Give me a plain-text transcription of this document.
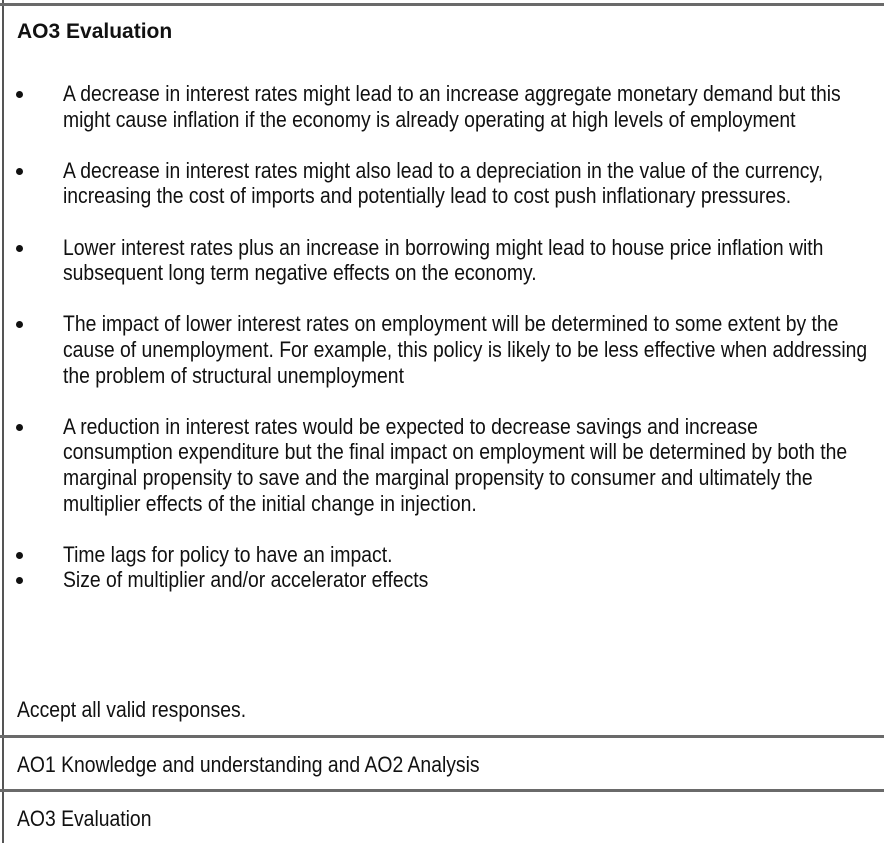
AO3 Evaluation
A decrease in interest rates might lead to an increase aggregate monetary demand but this might cause inflation if the economy is already operating at high levels of employment
A decrease in interest rates might also lead to a depreciation in the value of the currency, increasing the cost of imports and potentially lead to cost push inflationary pressures.
Lower interest rates plus an increase in borrowing might lead to house price inflation with subsequent long term negative effects on the economy.
The impact of lower interest rates on employment will be determined to some extent by the cause of unemployment. For example, this policy is likely to be less effective when addressing the problem of structural unemployment
A reduction in interest rates would be expected to decrease savings and increase consumption expenditure but the final impact on employment will be determined by both the marginal propensity to save and the marginal propensity to consumer and ultimately the multiplier effects of the initial change in injection.
Time lags for policy to have an impact.
Size of multiplier and/or accelerator effects
Accept all valid responses.
AO1 Knowledge and understanding and AO2 Analysis
AO3 Evaluation
